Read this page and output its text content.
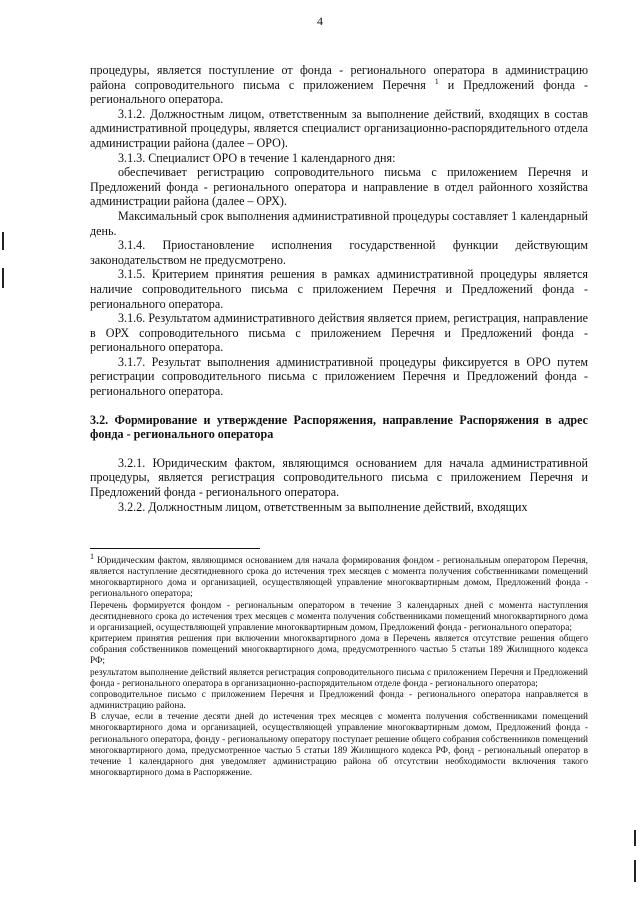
4

процедуры, является поступление от фонда - регионального оператора в администрацию района сопроводительного письма с приложением Перечня $^1$ и Предложений фонда - регионального оператора.

3.1.2. Должностным лицом, ответственным за выполнение действий, входящих в состав административной процедуры, является специалист организационно-распорядительного отдела администрации района (далее – ОРО).

3.1.3. Специалист ОРО в течение 1 календарного дня:

обеспечивает регистрацию сопроводительного письма с приложением Перечня и Предложений фонда - регионального оператора и направление в отдел районного хозяйства администрации района (далее – ОРХ).

Максимальный срок выполнения административной процедуры составляет 1 календарный день.

3.1.4. Приостановление исполнения государственной функции действующим законодательством не предусмотрено.

3.1.5. Критерием принятия решения в рамках административной процедуры является наличие сопроводительного письма с приложением Перечня и Предложений фонда - регионального оператора.

3.1.6. Результатом административного действия является прием, регистрация, направление в ОРХ сопроводительного письма с приложением Перечня и Предложений фонда - регионального оператора.

3.1.7. Результат выполнения административной процедуры фиксируется в ОРО путем регистрации сопроводительного письма с приложением Перечня и Предложений фонда - регионального оператора.

3.2. Формирование и утверждение Распоряжения, направление Распоряжения в адрес фонда - регионального оператора

3.2.1. Юридическим фактом, являющимся основанием для начала административной процедуры, является регистрация сопроводительного письма с приложением Перечня и Предложений фонда - регионального оператора.

3.2.2. Должностным лицом, ответственным за выполнение действий, входящих

$^1$ Юридическим фактом, являющимся основанием для начала формирования фондом - региональным оператором Перечня, является наступление десятидневного срока до истечения трех месяцев с момента получения собственниками помещений многоквартирного дома и организацией, осуществляющей управление многоквартирным домом, Предложений фонда - регионального оператора;

Перечень формируется фондом - региональным оператором в течение 3 календарных дней с момента наступления десятидневного срока до истечения трех месяцев с момента получения собственниками помещений многоквартирного дома и организацией, осуществляющей управление многоквартирным домом, Предложений фонда - регионального оператора;

критерием принятия решения при включении многоквартирного дома в Перечень является отсутствие решения общего собрания собственников помещений многоквартирного дома, предусмотренного частью 5 статьи 189 Жилищного кодекса РФ;

результатом выполнение действий является регистрация сопроводительного письма с приложением Перечня и Предложений фонда - регионального оператора в организационно-распорядительном отделе фонда - регионального оператора;

сопроводительное письмо с приложением Перечня и Предложений фонда - регионального оператора направляется в администрацию района.

В случае, если в течение десяти дней до истечения трех месяцев с момента получения собственниками помещений многоквартирного дома и организацией, осуществляющей управление многоквартирным домом, Предложений фонда - регионального оператора, фонду - региональному оператору поступает решение общего собрания собственников помещений многоквартирного дома, предусмотренное частью 5 статьи 189 Жилищного кодекса РФ, фонд - региональный оператор в течение 1 календарного дня уведомляет администрацию района об отсутствии необходимости включения такого многоквартирного дома в Распоряжение.
